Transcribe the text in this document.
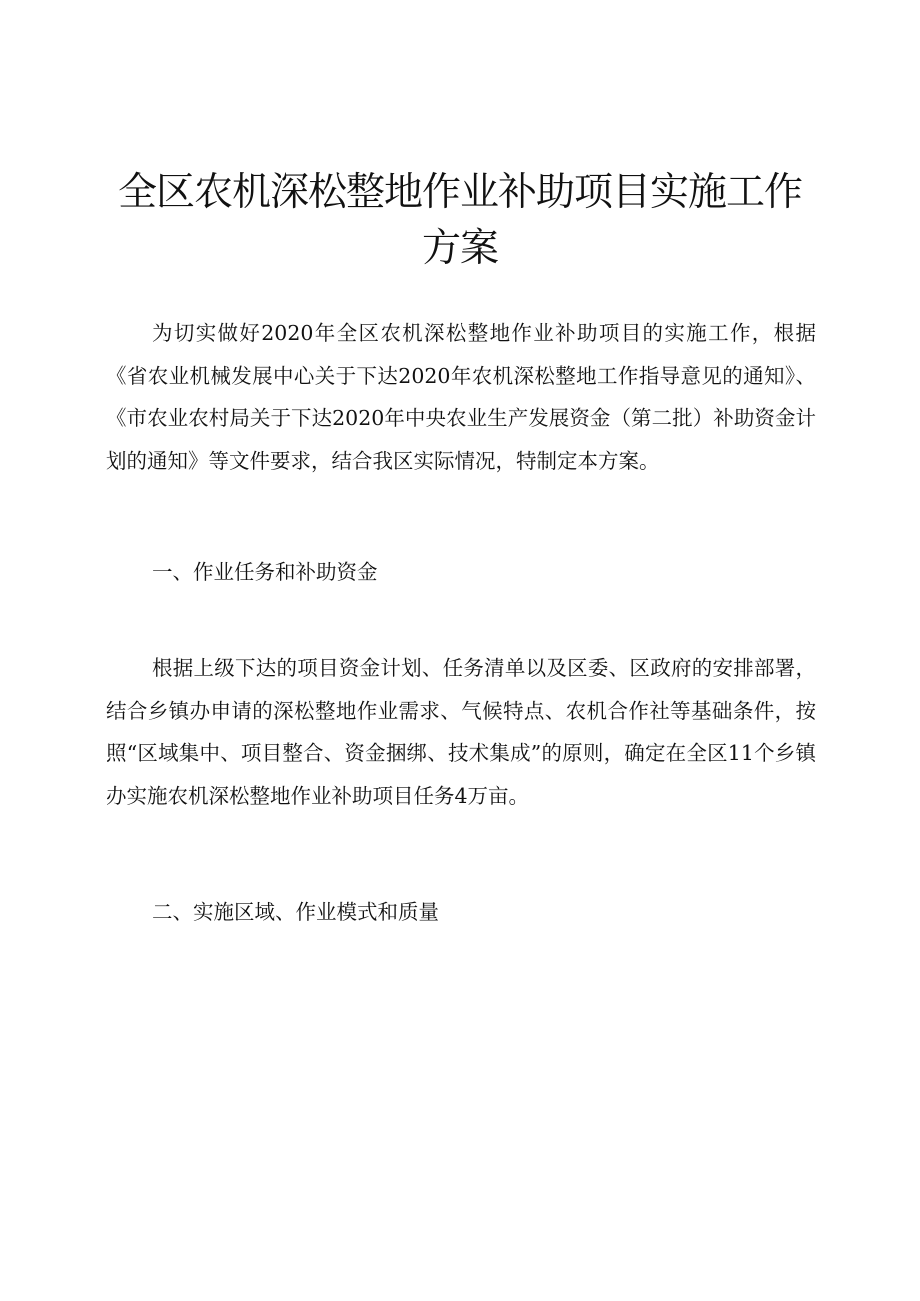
全区农机深松整地作业补助项目实施工作
方案

为切实做好2020年全区农机深松整地作业补助项目的实施工作，根据《省农业机械发展中心关于下达2020年农机深松整地工作指导意见的通知》、《市农业农村局关于下达2020年中央农业生产发展资金（第二批）补助资金计划的通知》等文件要求，结合我区实际情况，特制定本方案。

一、作业任务和补助资金

根据上级下达的项目资金计划、任务清单以及区委、区政府的安排部署，结合乡镇办申请的深松整地作业需求、气候特点、农机合作社等基础条件，按照“区域集中、项目整合、资金捆绑、技术集成”的原则，确定在全区11个乡镇办实施农机深松整地作业补助项目任务4万亩。

二、实施区域、作业模式和质量
